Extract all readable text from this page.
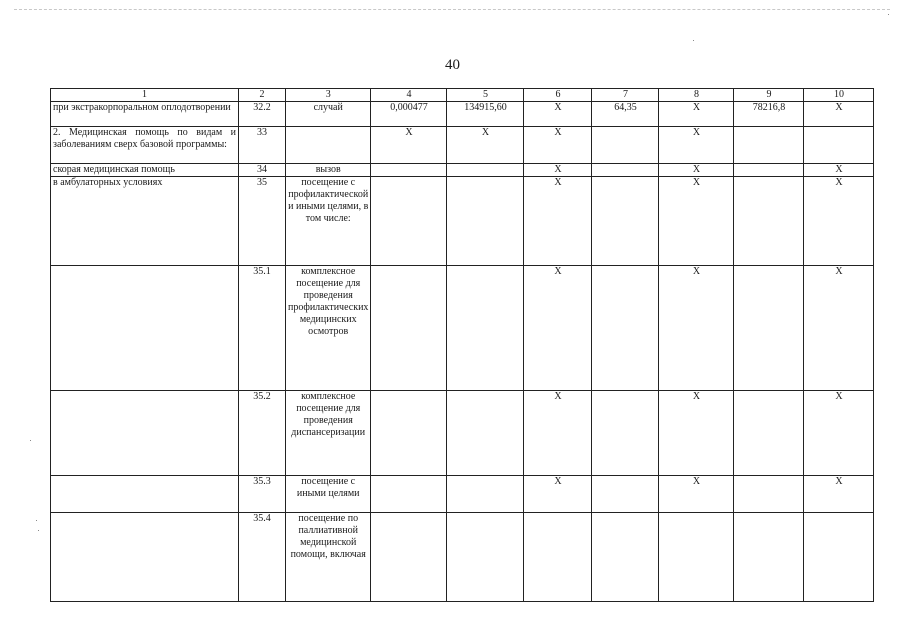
40
1	2	3	4	5	6	7	8	9	10
при экстракорпоральном оплодотворении	32.2	случай	0,000477	134915,60	X	64,35	X	78216,8	X
2. Медицинская помощь по видам и заболеваниям сверх базовой программы:	33		X	X	X		X		
скорая медицинская помощь	34	вызов			X		X		X
в амбулаторных условиях	35	посещение с профилактической и иными целями, в том числе:			X		X		X
	35.1	комплексное посещение для проведения профилактических медицинских осмотров			X		X		X
	35.2	комплексное посещение для проведения диспансеризации			X		X		X
	35.3	посещение с иными целями			X		X		X
	35.4	посещение по паллиативной медицинской помощи, включая							
